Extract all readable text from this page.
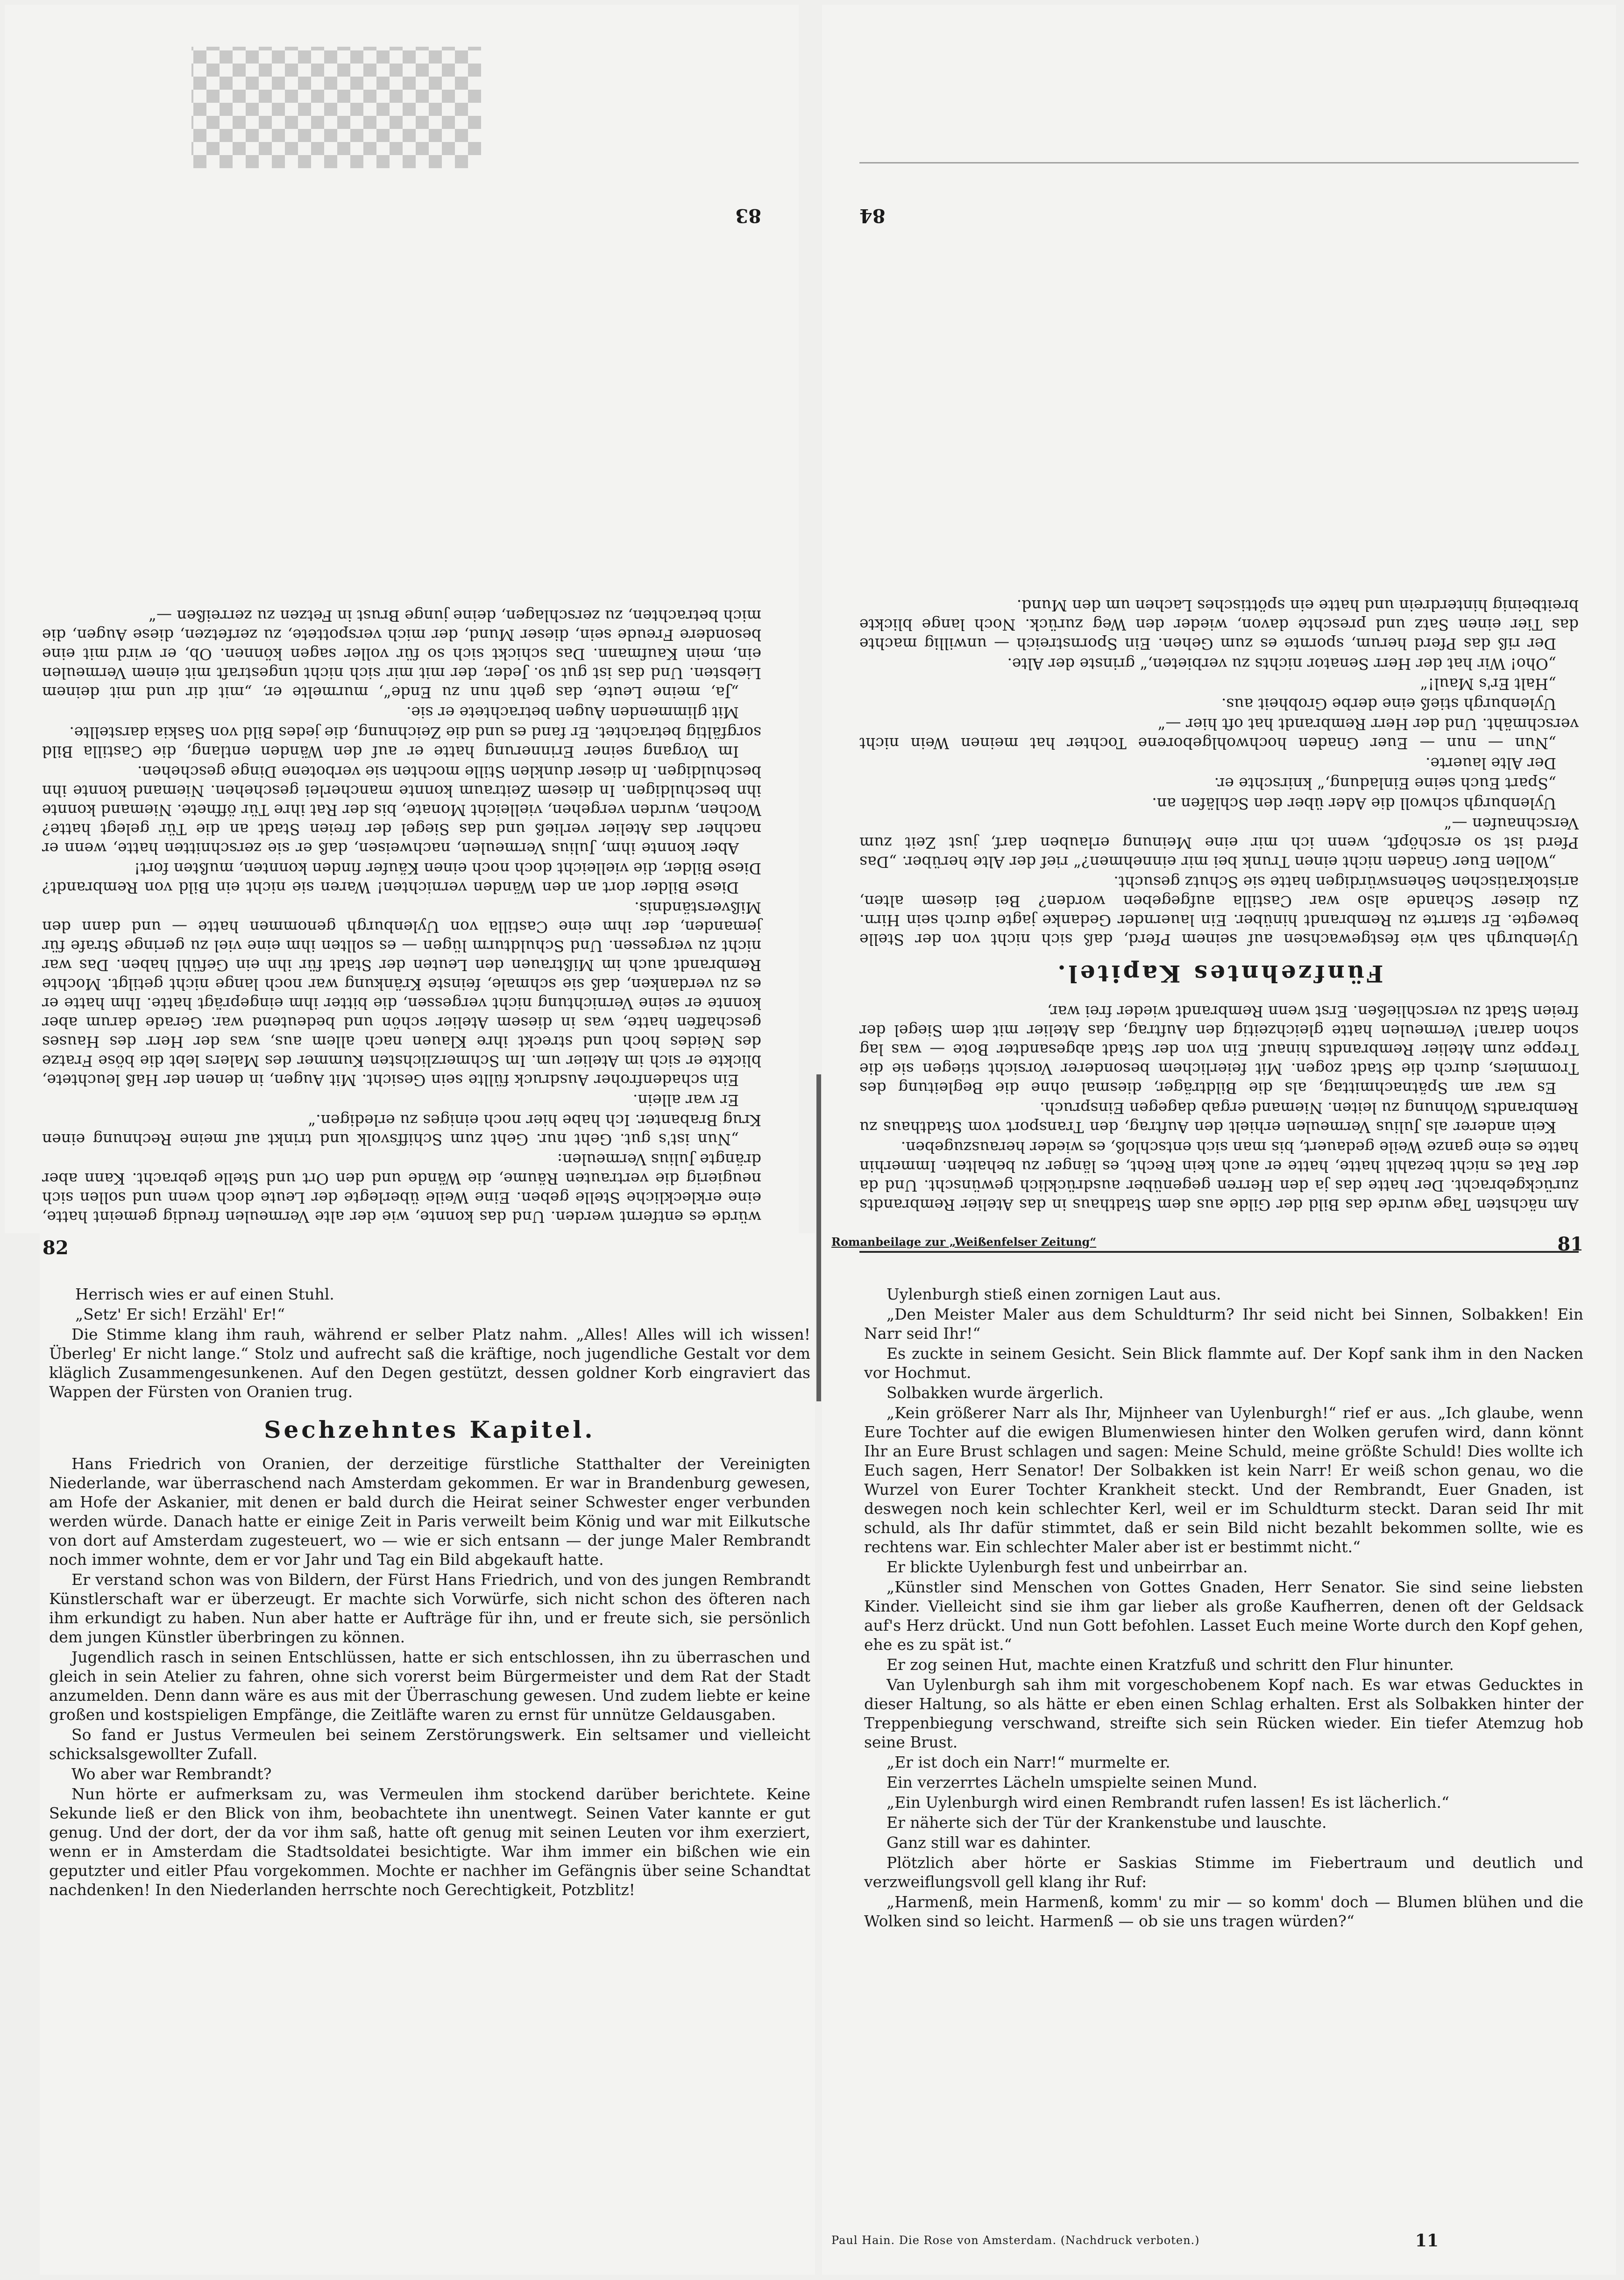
83

würde es entfernt werden. Und das konnte, wie der alte Vermeulen freudig gemeint hatte, eine erkleckliche Stelle geben. Eine Weile überlegte der Leute doch wenn und sollen sich neugierig die vertrauten Räume, die Wände und den Ort und Stelle gebracht. Kann aber drängte Julius Vermeulen:

„Nun ist's gut. Geht nur. Geht zum Schiffsvolk und trinkt auf meine Rechnung einen Krug Brabanter. Ich habe hier noch einiges zu erledigen.“

Er war allein.

Ein schadenfroher Ausdruck füllte sein Gesicht. Mit Augen, in denen der Haß leuchtete, blickte er sich im Atelier um. Im Schmerzlichsten Kummer des Malers lebt die böse Fratze des Neides hoch und streckt ihre Klauen nach allem aus, was der Herr des Hauses geschaffen hatte, was in diesem Atelier schön und bedeutend war. Gerade darum aber konnte er seine Vernichtung nicht vergessen, die bitter ihm eingeprägt hatte. Ihm hatte er es zu verdanken, daß sie schmale, feinste Kränkung war noch lange nicht getilgt. Mochte Rembrandt auch im Mißtrauen den Leuten der Stadt für ihn ein Gefühl haben. Das war nicht zu vergessen. Und Schuldturm lügen — es sollten ihm eine viel zu geringe Strafe für jemanden, der ihm eine Castilla von Uylenburgh genommen hatte — und dann den Mißverständnis.

Diese Bilder dort an den Wänden vernichten! Waren sie nicht ein Bild von Rembrandt? Diese Bilder, die vielleicht doch noch einen Käufer finden konnten, mußten fort!

Aber konnte ihm, Julius Vermeulen, nachweisen, daß er sie zerschnitten hatte, wenn er nachher das Atelier verließ und das Siegel der freien Stadt an die Tür gelegt hatte? Wochen, wurden vergehen, vielleicht Monate, bis der Rat ihre Tür öffnete. Niemand konnte ihn beschuldigen. In diesem Zeitraum konnte mancherlei geschehen. Niemand konnte ihn beschuldigen. In dieser dunklen Stille mochten sie verbotene Dinge geschehen.

Im Vorgang seiner Erinnerung hatte er auf den Wänden entlang, die Castilla Bild sorgfältig betrachtet. Er fand es und die Zeichnung, die jedes Bild von Saskia darstellte.

Mit glimmenden Augen betrachtete er sie.

„Ja, meine Leute, das geht nun zu Ende“, murmelte er, „mit dir und mit deinem Liebsten. Und das ist gut so. Jeder, der mit mir sich nicht ungestraft mit einem Vermeulen ein, mein Kaufmann. Das schickt sich so für voller sagen können. Ob, er wird mit eine besondere Freude sein, dieser Mund, der mich verspottete, zu zerfetzen, diese Augen, die mich betrachten, zu zerschlagen, deine junge Brust in Fetzen zu zerreißen —“

84

Am nächsten Tage wurde das Bild der Gilde aus dem Stadthaus in das Atelier Rembrandts zurückgebracht. Der hatte das ja den Herren gegenüber ausdrücklich gewünscht. Und da der Rat es nicht bezahlt hatte, hatte er auch kein Recht, es länger zu behalten. Immerhin hatte es eine ganze Weile gedauert, bis man sich entschloß, es wieder herauszugeben.

Kein anderer als Julius Vermeulen erhielt den Auftrag, den Transport vom Stadthaus zu Rembrandts Wohnung zu leiten. Niemand ergab dagegen Einspruch.

Es war am Spätnachmittag, als die Bildträger, diesmal ohne die Begleitung des Trommlers, durch die Stadt zogen. Mit feierlichem besonderer Vorsicht stiegen sie die Treppe zum Atelier Rembrandts hinauf. Ein von der Stadt abgesandter Bote — was lag schon daran! Vermeulen hatte gleichzeitig den Auftrag, das Atelier mit dem Siegel der freien Stadt zu verschließen. Erst wenn Rembrandt wieder frei war,

Fünfzehntes Kapitel.

Uylenburgh sah wie festgewachsen auf seinem Pferd, daß sich nicht von der Stelle bewegte. Er starrte zu Rembrandt hinüber. Ein lauernder Gedanke jagte durch sein Hirn. Zu dieser Schande also war Castilla aufgegeben worden? Bei diesem alten, aristokratischen Sehenswürdigen hatte sie Schutz gesucht.

„Wollen Euer Gnaden nicht einen Trunk bei mir einnehmen?“ rief der Alte herüber. „Das Pferd ist so erschöpft, wenn ich mir eine Meinung erlauben darf, just Zeit zum Verschnaufen —“

Uylenburgh schwoll die Ader über den Schläfen an.

„Spart Euch seine Einladung,“ knirschte er.

Der Alte lauerte.

„Nun — nun — Euer Gnaden hochwohlgeborene Tochter hat meinen Wein nicht verschmäht. Und der Herr Rembrandt hat oft hier —“

Uylenburgh stieß eine derbe Grobheit aus.

„Halt Er's Maul!“

„Oho! Wir hat der Herr Senator nichts zu verbieten,“ grinste der Alte.

Der riß das Pferd herum, spornte es zum Gehen. Ein Spornstreich — unwillig machte das Tier einen Satz und preschte davon, wieder den Weg zurück. Noch lange blickte breitbeinig hinterdrein und hatte ein spöttisches Lachen um den Mund.

82

Herrisch wies er auf einen Stuhl.

„Setz' Er sich! Erzähl' Er!“

Die Stimme klang ihm rauh, während er selber Platz nahm. „Alles! Alles will ich wissen! Überleg' Er nicht lange.“ Stolz und aufrecht saß die kräftige, noch jugendliche Gestalt vor dem kläglich Zusammengesunkenen. Auf den Degen gestützt, dessen goldner Korb eingraviert das Wappen der Fürsten von Oranien trug.

Sechzehntes Kapitel.

Hans Friedrich von Oranien, der derzeitige fürstliche Statthalter der Vereinigten Niederlande, war überraschend nach Amsterdam gekommen. Er war in Brandenburg gewesen, am Hofe der Askanier, mit denen er bald durch die Heirat seiner Schwester enger verbunden werden würde. Danach hatte er einige Zeit in Paris verweilt beim König und war mit Eilkutsche von dort auf Amsterdam zugesteuert, wo — wie er sich entsann — der junge Maler Rembrandt noch immer wohnte, dem er vor Jahr und Tag ein Bild abgekauft hatte.

Er verstand schon was von Bildern, der Fürst Hans Friedrich, und von des jungen Rembrandt Künstlerschaft war er überzeugt. Er machte sich Vorwürfe, sich nicht schon des öfteren nach ihm erkundigt zu haben. Nun aber hatte er Aufträge für ihn, und er freute sich, sie persönlich dem jungen Künstler überbringen zu können.

Jugendlich rasch in seinen Entschlüssen, hatte er sich entschlossen, ihn zu überraschen und gleich in sein Atelier zu fahren, ohne sich vorerst beim Bürgermeister und dem Rat der Stadt anzumelden. Denn dann wäre es aus mit der Überraschung gewesen. Und zudem liebte er keine großen und kostspieligen Empfänge, die Zeitläfte waren zu ernst für unnütze Geldausgaben.

So fand er Justus Vermeulen bei seinem Zerstörungswerk. Ein seltsamer und vielleicht schicksalsgewollter Zufall.

Wo aber war Rembrandt?

Nun hörte er aufmerksam zu, was Vermeulen ihm stockend darüber berichtete. Keine Sekunde ließ er den Blick von ihm, beobachtete ihn unentwegt. Seinen Vater kannte er gut genug. Und der dort, der da vor ihm saß, hatte oft genug mit seinen Leuten vor ihm exerziert, wenn er in Amsterdam die Stadtsoldatei besichtigte. War ihm immer ein bißchen wie ein geputzter und eitler Pfau vorgekommen. Mochte er nachher im Gefängnis über seine Schandtat nachdenken! In den Niederlanden herrschte noch Gerechtigkeit, Potzblitz!

Romanbeilage zur „Weißenfelser Zeitung“	81

Uylenburgh stieß einen zornigen Laut aus.

„Den Meister Maler aus dem Schuldturm? Ihr seid nicht bei Sinnen, Solbakken! Ein Narr seid Ihr!“

Es zuckte in seinem Gesicht. Sein Blick flammte auf. Der Kopf sank ihm in den Nacken vor Hochmut.

Solbakken wurde ärgerlich.

„Kein größerer Narr als Ihr, Mijnheer van Uylenburgh!“ rief er aus. „Ich glaube, wenn Eure Tochter auf die ewigen Blumenwiesen hinter den Wolken gerufen wird, dann könnt Ihr an Eure Brust schlagen und sagen: Meine Schuld, meine größte Schuld! Dies wollte ich Euch sagen, Herr Senator! Der Solbakken ist kein Narr! Er weiß schon genau, wo die Wurzel von Eurer Tochter Krankheit steckt. Und der Rembrandt, Euer Gnaden, ist deswegen noch kein schlechter Kerl, weil er im Schuldturm steckt. Daran seid Ihr mit schuld, als Ihr dafür stimmtet, daß er sein Bild nicht bezahlt bekommen sollte, wie es rechtens war. Ein schlechter Maler aber ist er bestimmt nicht.“

Er blickte Uylenburgh fest und unbeirrbar an.

„Künstler sind Menschen von Gottes Gnaden, Herr Senator. Sie sind seine liebsten Kinder. Vielleicht sind sie ihm gar lieber als große Kaufherren, denen oft der Geldsack auf's Herz drückt. Und nun Gott befohlen. Lasset Euch meine Worte durch den Kopf gehen, ehe es zu spät ist.“

Er zog seinen Hut, machte einen Kratzfuß und schritt den Flur hinunter.

Van Uylenburgh sah ihm mit vorgeschobenem Kopf nach. Es war etwas Geducktes in dieser Haltung, so als hätte er eben einen Schlag erhalten. Erst als Solbakken hinter der Treppenbiegung verschwand, streifte sich sein Rücken wieder. Ein tiefer Atemzug hob seine Brust.

„Er ist doch ein Narr!“ murmelte er.

Ein verzerrtes Lächeln umspielte seinen Mund.

„Ein Uylenburgh wird einen Rembrandt rufen lassen! Es ist lächerlich.“

Er näherte sich der Tür der Krankenstube und lauschte.

Ganz still war es dahinter.

Plötzlich aber hörte er Saskias Stimme im Fiebertraum und deutlich und verzweiflungsvoll gell klang ihr Ruf:

„Harmenß, mein Harmenß, komm' zu mir — so komm' doch — Blumen blühen und die Wolken sind so leicht. Harmenß — ob sie uns tragen würden?“

Paul Hain. Die Rose von Amsterdam. (Nachdruck verboten.)	11
